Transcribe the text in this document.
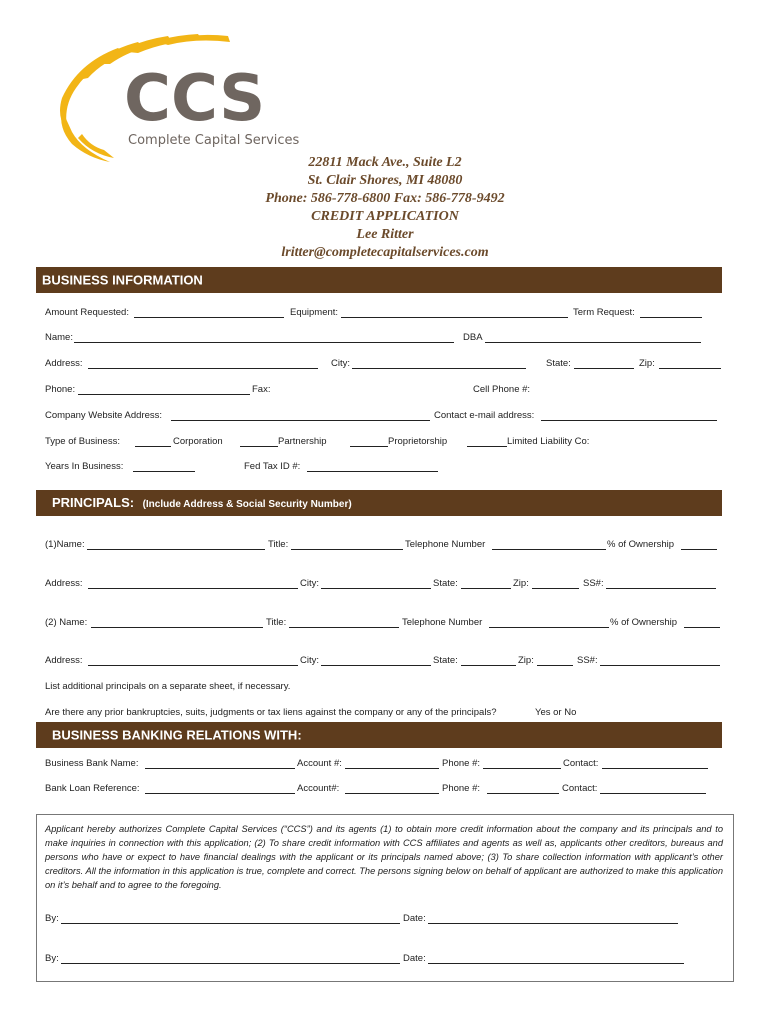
CCS
Complete Capital Services
22811 Mack Ave., Suite L2
St. Clair Shores, MI 48080
Phone: 586-778-6800 Fax: 586-778-9492
CREDIT APPLICATION
Lee Ritter
lritter@completecapitalservices.com
BUSINESS INFORMATION
Amount Requested:	Equipment:	Term Request:
Name:	DBA
Address:	City:	State:	Zip:
Phone:	Fax:	Cell Phone #:
Company Website Address:	Contact e-mail address:
Type of Business:	Corporation	Partnership	Proprietorship	Limited Liability Co:
Years In Business:	Fed Tax ID #:
PRINCIPALS: (Include Address & Social Security Number)
(1)Name:	Title:	Telephone Number	% of Ownership
Address:	City:	State:	Zip:	SS#:
(2) Name:	Title:	Telephone Number	% of Ownership
Address:	City:	State:	Zip:	SS#:
List additional principals on a separate sheet, if necessary.
Are there any prior bankruptcies, suits, judgments or tax liens against the company or any of the principals?	Yes or No
BUSINESS BANKING RELATIONS WITH:
Business Bank Name:	Account #:	Phone #:	Contact:
Bank Loan Reference:	Account#:	Phone #:	Contact:
Applicant hereby authorizes Complete Capital Services (“CCS”) and its agents (1) to obtain more credit information about the company and its principals and to make inquiries in connection with this application; (2) To share credit information with CCS affiliates and agents as well as, applicants other creditors, bureaus and persons who have or expect to have financial dealings with the applicant or its principals named above; (3) To share collection information with applicant’s other creditors. All the information in this application is true, complete and correct. The persons signing below on behalf of applicant are authorized to make this application on it’s behalf and to agree to the foregoing.
By:	Date:
By:	Date:
